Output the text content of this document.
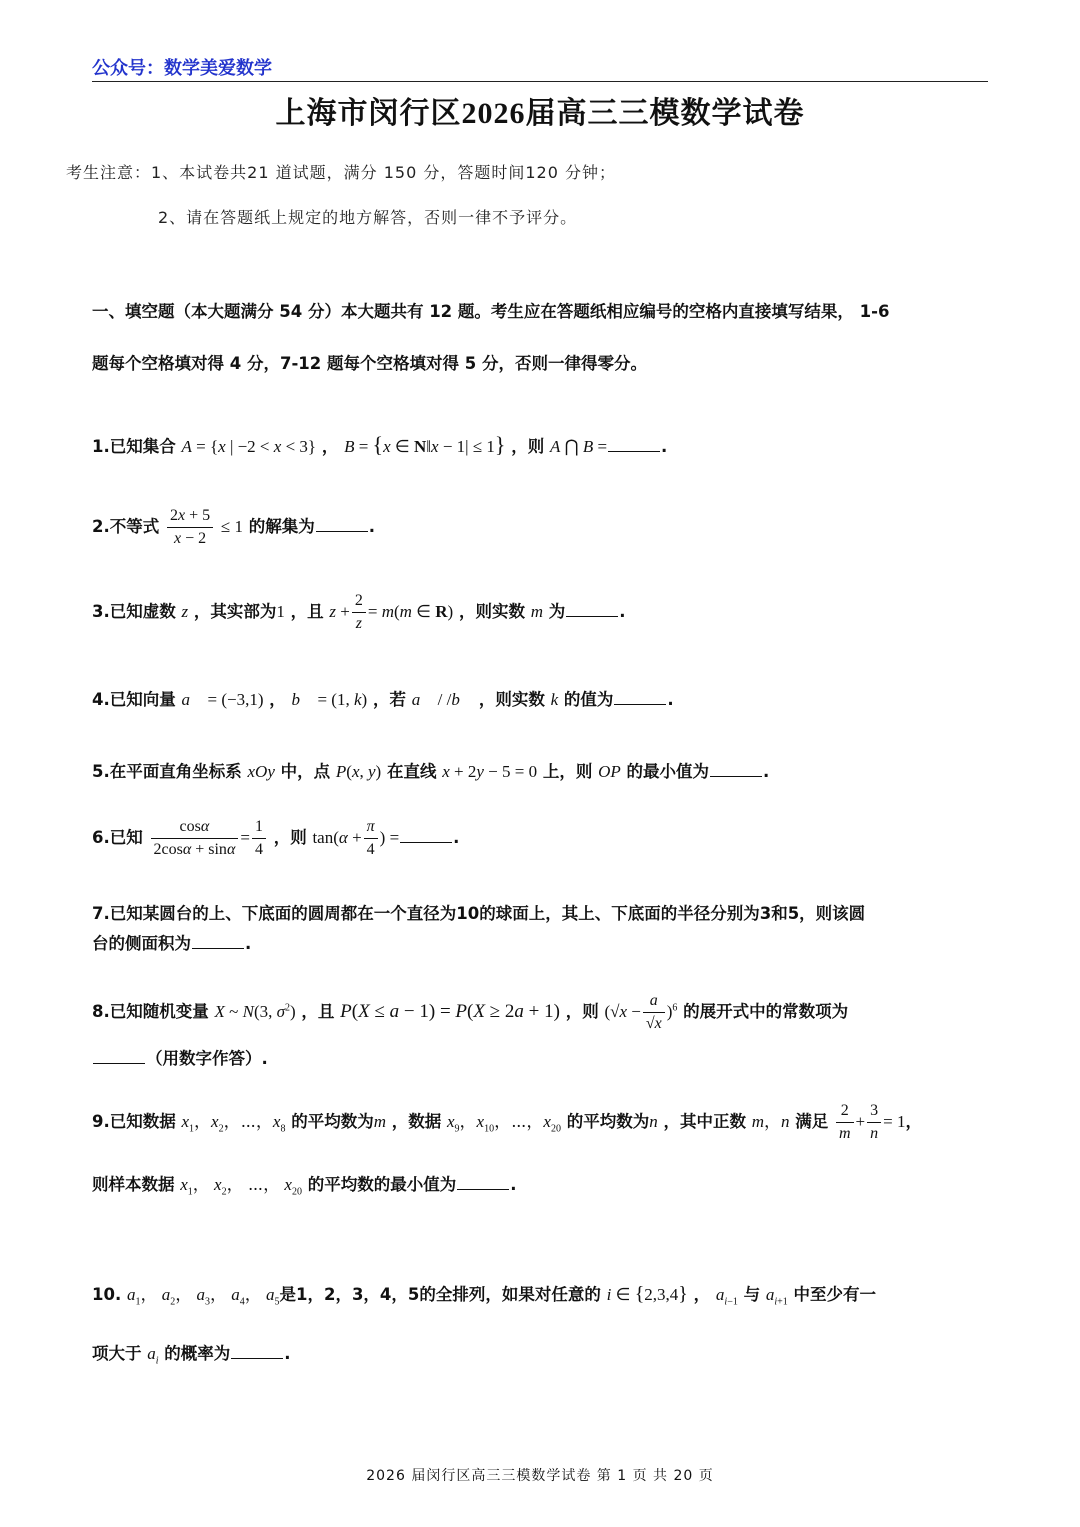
公众号：数学美爱数学
上海市闵行区2026届高三三模数学试卷
考生注意：1、本试卷共21 道试题，满分 150 分，答题时间120 分钟；
2、请在答题纸上规定的地方解答，否则一律不予评分。
一、填空题（本大题满分 54 分）本大题共有 12 题。考生应在答题纸相应编号的空格内直接填写结果， 1-6
题每个空格填对得 4 分，7-12 题每个空格填对得 5 分，否则一律得零分。
1.已知集合 A = {x | −2 < x < 3} ， B = {x ∈ N‖x − 1| ≤ 1} ，则 A ⋂ B =	.
2.不等式 $\frac{2x + 5}{x - 2} \le 1$ 的解集为	.
3.已知虚数 z ，其实部为1 ，且 $z + \frac{2}{z} = m(m$ ∈ R) ，则实数 m 为	.
4.已知向量 a⃗ = (−3,1) ， b⃗ = (1, k) ，若 a⃗ / /b⃗ ，则实数 k 的值为	.
5.在平面直角坐标系 xOy 中，点 P(x, y) 在直线 x + 2y − 5 = 0 上，则 OP 的最小值为	.
6.已知 $\frac{\cos\alpha}{2\cos\alpha + \sin\alpha} = \frac{1}{4}$ ，则 $\tan(\alpha + \frac{\pi}{4}$ ) =	.
7.已知某圆台的上、下底面的圆周都在一个直径为10的球面上，其上、下底面的半径分别为3和5，则该圆
台的侧面积为	.
8.已知随机变量 X ~ N(3, $\sigma^2$) ，且 P(X ≤ a − 1) = P(X ≥ 2a + 1) ，则 $(√x - \frac{a}{√x} )^6$ 的展开式中的常数项为
（用数字作答）.
9.已知数据 $x_1$，$x_2$，⋯，$x_8$ 的平均数为m ，数据 $x_9$，$x_{10}$，⋯，$x_{20}$ 的平均数为n ，其中正数 m，n 满足 $\frac{2}{m} + \frac{3}{n} = 1$，
则样本数据 $x_1$， $x_2$， ⋯， $x_{20}$ 的平均数的最小值为	.
10. $a_1$， $a_2$， $a_3$， $a_4$， $a_5$是1，2，3，4，5的全排列，如果对任意的 i ∈ {2,3,4} ， $a_{i-1}$ 与 $a_{i+1}$ 中至少有一
项大于 $a_i$ 的概率为	.
2026 届闵行区高三三模数学试卷 第 1 页 共 20 页
